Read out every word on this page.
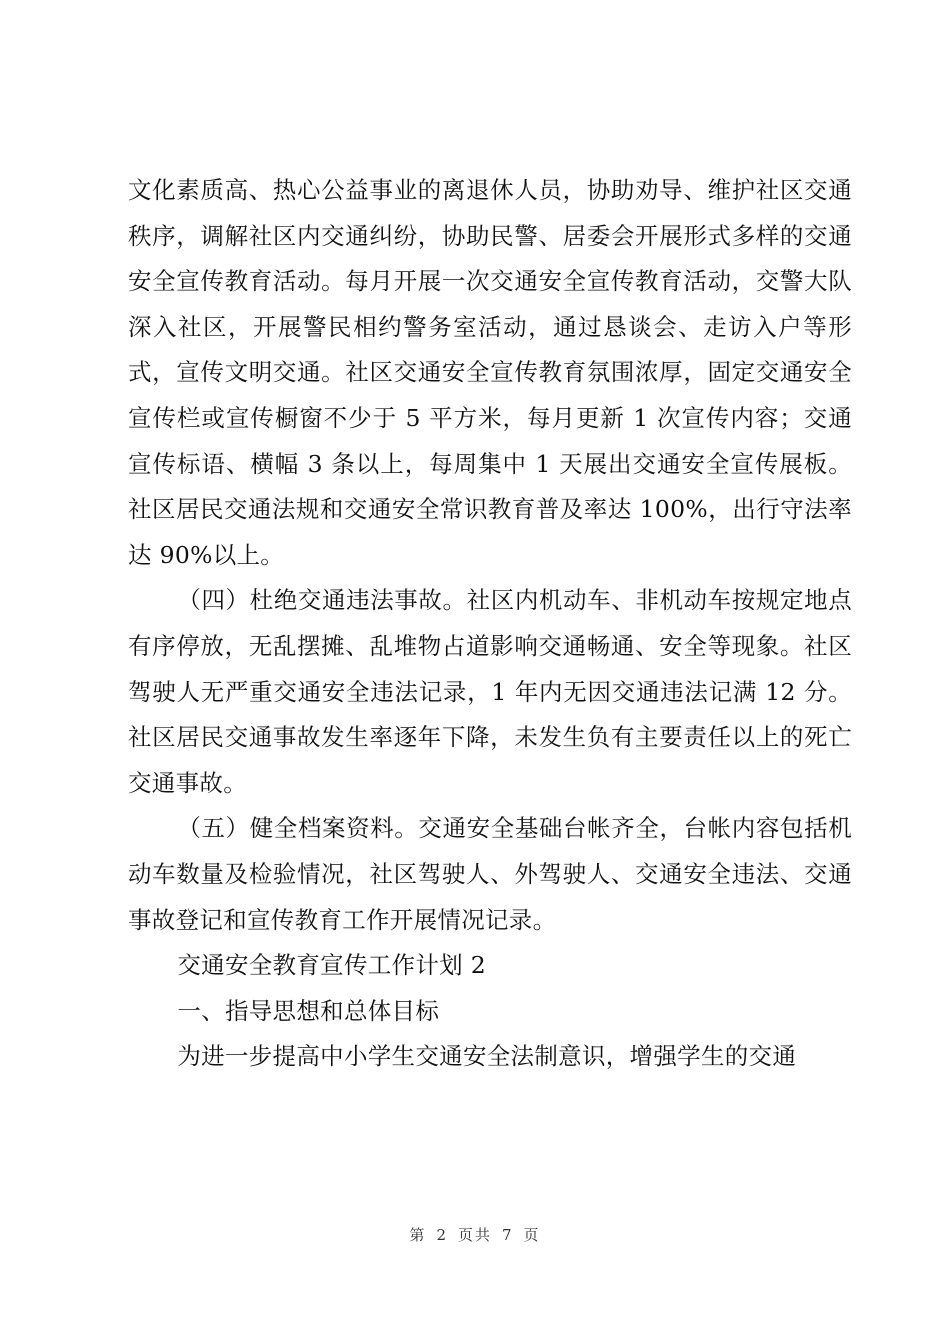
文化素质高、热心公益事业的离退休人员，协助劝导、维护社区交通秩序，调解社区内交通纠纷，协助民警、居委会开展形式多样的交通安全宣传教育活动。每月开展一次交通安全宣传教育活动，交警大队深入社区，开展警民相约警务室活动，通过恳谈会、走访入户等形式，宣传文明交通。社区交通安全宣传教育氛围浓厚，固定交通安全宣传栏或宣传橱窗不少于 5 平方米，每月更新 1 次宣传内容；交通宣传标语、横幅 3 条以上，每周集中 1 天展出交通安全宣传展板。社区居民交通法规和交通安全常识教育普及率达 100%，出行守法率达 90%以上。

（四）杜绝交通违法事故。社区内机动车、非机动车按规定地点有序停放，无乱摆摊、乱堆物占道影响交通畅通、安全等现象。社区驾驶人无严重交通安全违法记录，1 年内无因交通违法记满 12 分。社区居民交通事故发生率逐年下降，未发生负有主要责任以上的死亡交通事故。

（五）健全档案资料。交通安全基础台帐齐全，台帐内容包括机动车数量及检验情况，社区驾驶人、外驾驶人、交通安全违法、交通事故登记和宣传教育工作开展情况记录。

交通安全教育宣传工作计划 2

一、指导思想和总体目标

为进一步提高中小学生交通安全法制意识，增强学生的交通

第 2 页共 7 页
